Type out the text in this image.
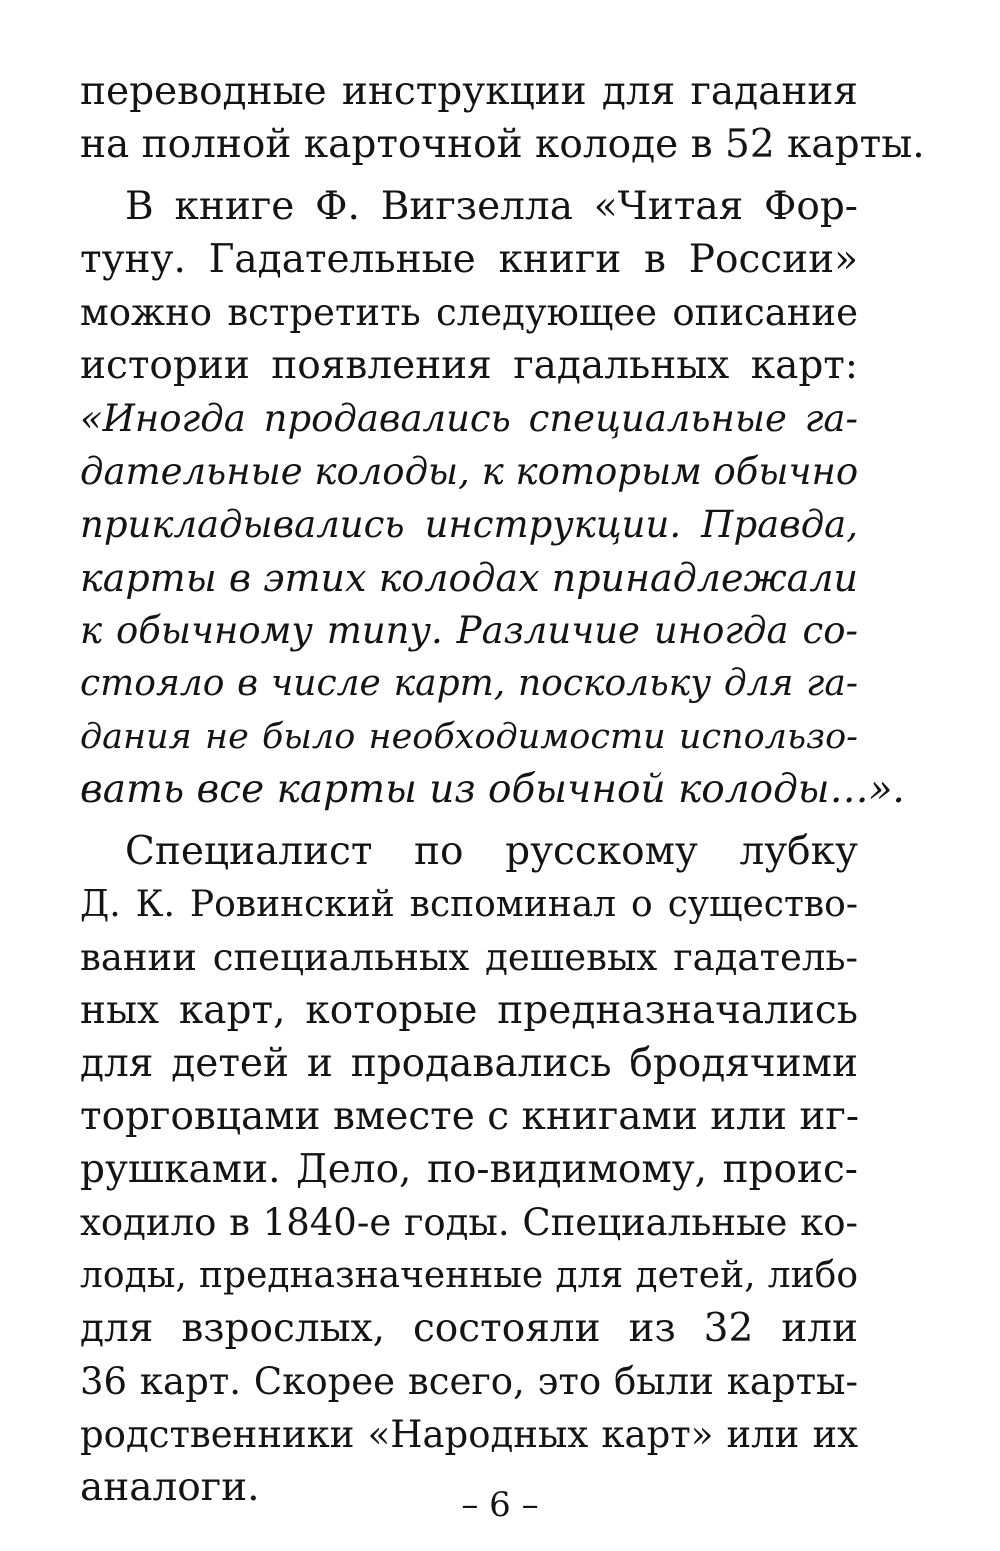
переводные инструкции для гадания
на полной карточной колоде в 52 карты.
В книге Ф. Вигзелла «Читая Фор-
туну. Гадательные книги в России»
можно встретить следующее описание
истории появления гадальных карт:
«Иногда продавались специальные га-
дательные колоды, к которым обычно
прикладывались инструкции. Правда,
карты в этих колодах принадлежали
к обычному типу. Различие иногда со-
стояло в числе карт, поскольку для га-
дания не было необходимости использо-
вать все карты из обычной колоды…».
Специалист по русскому лубку
Д. К. Ровинский вспоминал о существо-
вании специальных дешевых гадатель-
ных карт, которые предназначались
для детей и продавались бродячими
торговцами вместе с книгами или иг-
рушками. Дело, по-видимому, проис-
ходило в 1840-е годы. Специальные ко-
лоды, предназначенные для детей, либо
для взрослых, состояли из 32 или
36 карт. Скорее всего, это были карты-
родственники «Народных карт» или их
аналоги.	– 6 –
